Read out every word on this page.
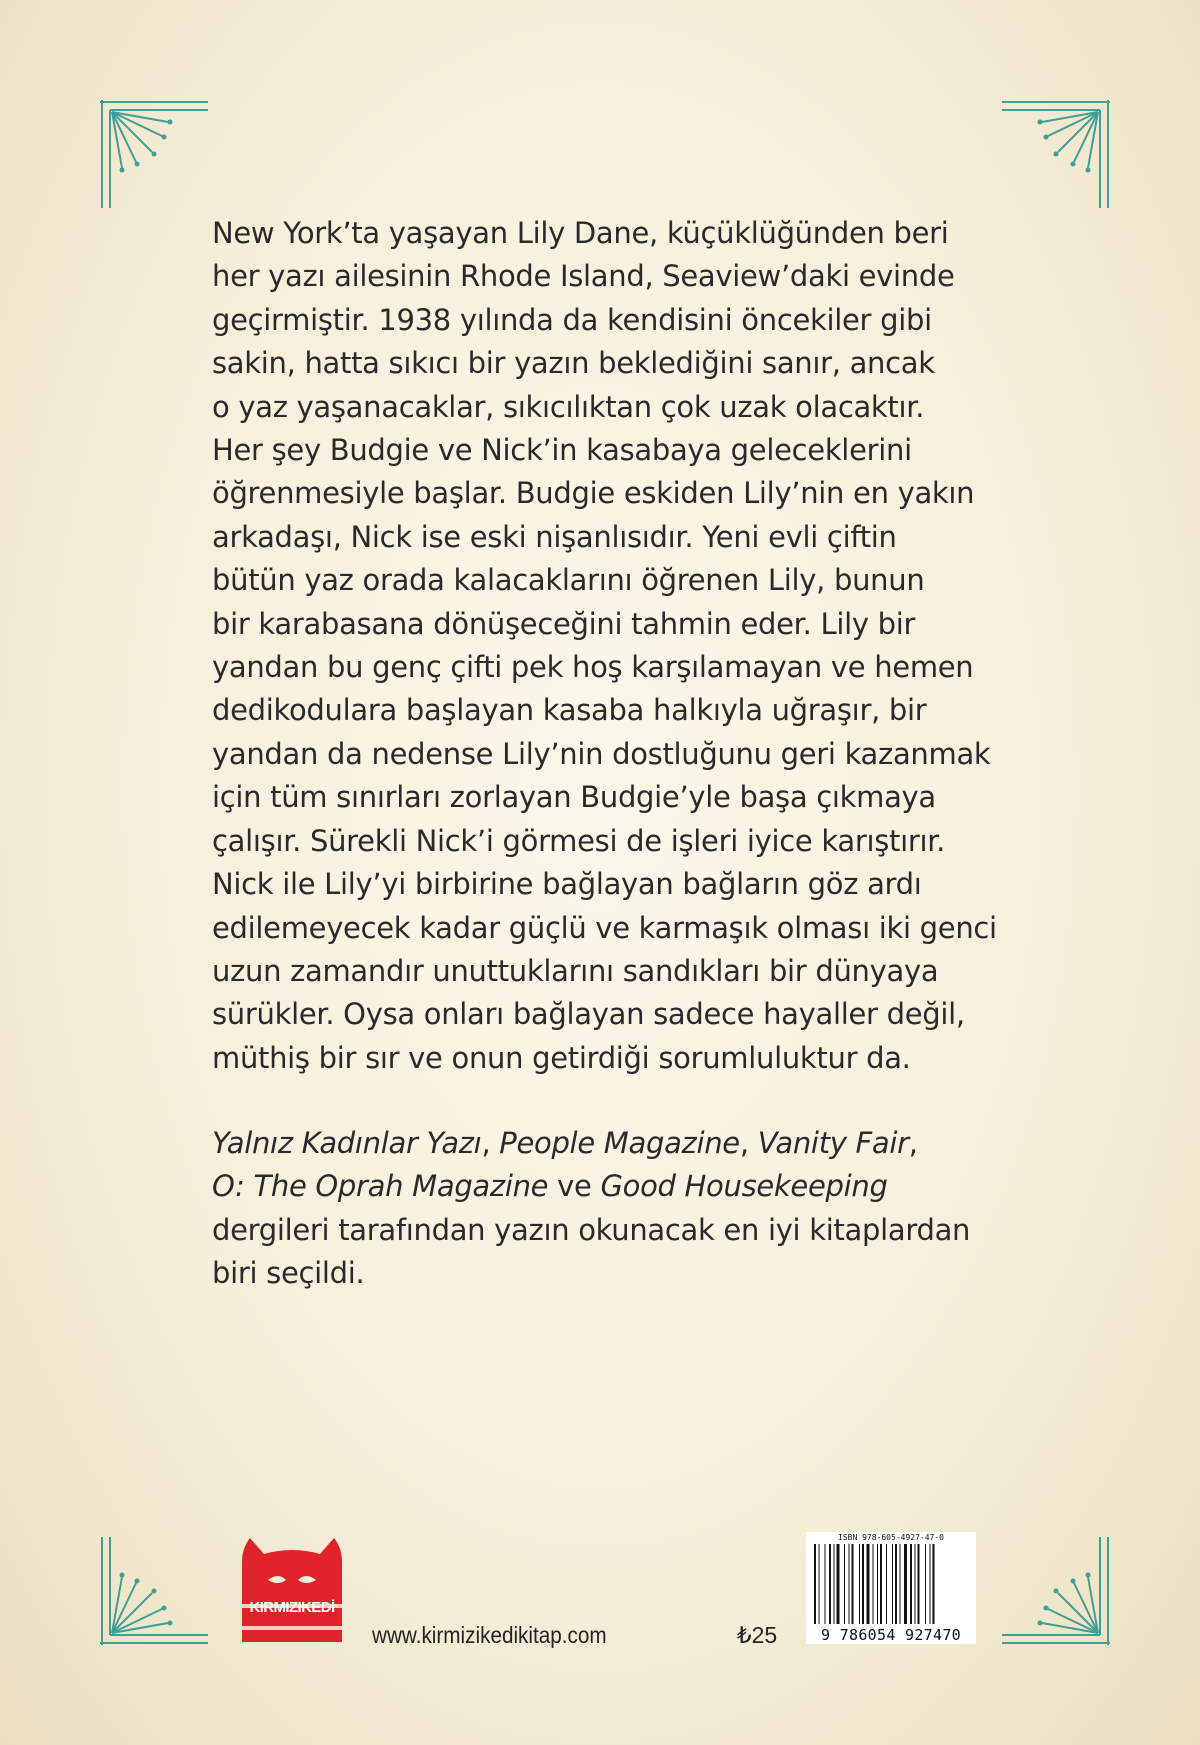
New York’ta yaşayan Lily Dane, küçüklüğünden beri
her yazı ailesinin Rhode Island, Seaview’daki evinde
geçirmiştir. 1938 yılında da kendisini öncekiler gibi
sakin, hatta sıkıcı bir yazın beklediğini sanır, ancak
o yaz yaşanacaklar, sıkıcılıktan çok uzak olacaktır.
Her şey Budgie ve Nick’in kasabaya geleceklerini
öğrenmesiyle başlar. Budgie eskiden Lily’nin en yakın
arkadaşı, Nick ise eski nişanlısıdır. Yeni evli çiftin
bütün yaz orada kalacaklarını öğrenen Lily, bunun
bir karabasana dönüşeceğini tahmin eder. Lily bir
yandan bu genç çifti pek hoş karşılamayan ve hemen
dedikodulara başlayan kasaba halkıyla uğraşır, bir
yandan da nedense Lily’nin dostluğunu geri kazanmak
için tüm sınırları zorlayan Budgie’yle başa çıkmaya
çalışır. Sürekli Nick’i görmesi de işleri iyice karıştırır.
Nick ile Lily’yi birbirine bağlayan bağların göz ardı
edilemeyecek kadar güçlü ve karmaşık olması iki genci
uzun zamandır unuttuklarını sandıkları bir dünyaya
sürükler. Oysa onları bağlayan sadece hayaller değil,
müthiş bir sır ve onun getirdiği sorumluluktur da.
Yalnız Kadınlar Yazı, People Magazine, Vanity Fair,
O: The Oprah Magazine ve Good Housekeeping
dergileri tarafından yazın okunacak en iyi kitaplardan
biri seçildi.
KIRMIZIKEDİ
www.kirmizikedikitap.com	₺25
ISBN 978-605-4927-47-0
9 786054 927470
